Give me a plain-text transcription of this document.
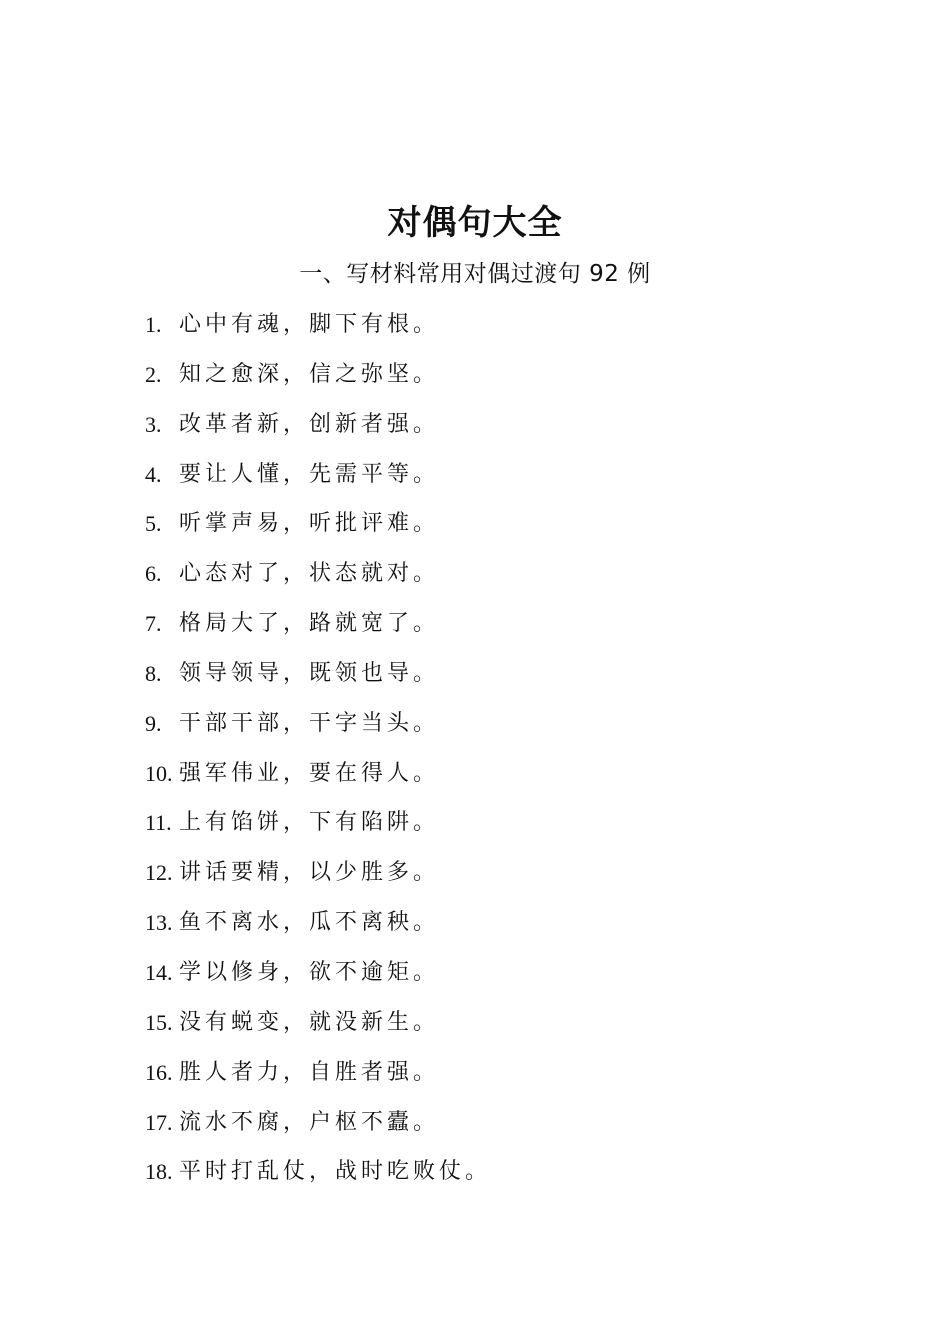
对偶句大全
一、写材料常用对偶过渡句 92 例
1. 心中有魂，脚下有根。
2. 知之愈深，信之弥坚。
3. 改革者新，创新者强。
4. 要让人懂，先需平等。
5. 听掌声易，听批评难。
6. 心态对了，状态就对。
7. 格局大了，路就宽了。
8. 领导领导，既领也导。
9. 干部干部，干字当头。
10. 强军伟业，要在得人。
11. 上有馅饼，下有陷阱。
12. 讲话要精，以少胜多。
13. 鱼不离水，瓜不离秧。
14. 学以修身，欲不逾矩。
15. 没有蜕变，就没新生。
16. 胜人者力，自胜者强。
17. 流水不腐，户枢不蠹。
18. 平时打乱仗，战时吃败仗。
